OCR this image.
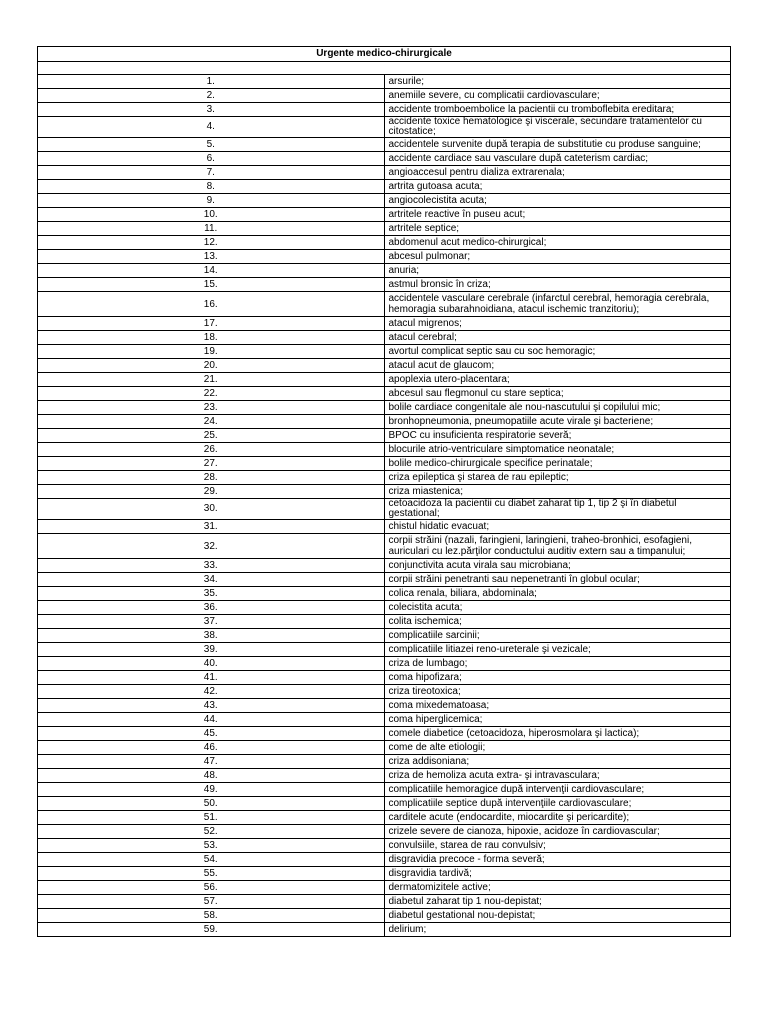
Urgente medico-chirurgicale	

1.	arsurile;
2.	anemiile severe, cu complicatii cardiovasculare;
3.	accidente tromboembolice la pacientii cu tromboflebita ereditara;
4.	accidente toxice hematologice şi viscerale, secundare tratamentelor cu citostatice;
5.	accidentele survenite după terapia de substitutie cu produse sanguine;
6.	accidente cardiace sau vasculare după cateterism cardiac;
7.	angioaccesul pentru dializa extrarenala;
8.	artrita gutoasa acuta;
9.	angiocolecistita acuta;
10.	artritele reactive în puseu acut;
11.	artritele septice;
12.	abdomenul acut medico-chirurgical;
13.	abcesul pulmonar;
14.	anuria;
15.	astmul bronsic în criza;
16.	accidentele vasculare cerebrale (infarctul cerebral, hemoragia cerebrala, hemoragia subarahnoidiana, atacul ischemic tranzitoriu);
17.	atacul migrenos;
18.	atacul cerebral;
19.	avortul complicat septic sau cu soc hemoragic;
20.	atacul acut de glaucom;
21.	apoplexia utero-placentara;
22.	abcesul sau flegmonul cu stare septica;
23.	bolile cardiace congenitale ale nou-nascutului şi copilului mic;
24.	bronhopneumonia, pneumopatiile acute virale şi bacteriene;
25.	BPOC cu insuficienta respiratorie severă;
26.	blocurile atrio-ventriculare simptomatice neonatale;
27.	bolile medico-chirurgicale specifice perinatale;
28.	criza epileptica şi starea de rau epileptic;
29.	criza miastenica;
30.	cetoacidoza la pacientii cu diabet zaharat tip 1, tip 2 şi în diabetul gestational;
31.	chistul hidatic evacuat;
32.	corpii străini (nazali, faringieni, laringieni, traheo-bronhici, esofagieni, auriculari cu lez.părţilor conductului auditiv extern sau a timpanului;
33.	conjunctivita acuta virala sau microbiana;
34.	corpii străini penetranti sau nepenetranti în globul ocular;
35.	colica renala, biliara, abdominala;
36.	colecistita acuta;
37.	colita ischemica;
38.	complicatiile sarcinii;
39.	complicatiile litiazei reno-ureterale şi vezicale;
40.	criza de lumbago;
41.	coma hipofizara;
42.	criza tireotoxica;
43.	coma mixedematoasa;
44.	coma hiperglicemica;
45.	comele diabetice (cetoacidoza, hiperosmolara şi lactica);
46.	come de alte etiologii;
47.	criza addisoniana;
48.	criza de hemoliza acuta extra- şi intravasculara;
49.	complicatiile hemoragice după intervenţii cardiovasculare;
50.	complicatiile septice după intervenţiile cardiovasculare;
51.	carditele acute (endocardite, miocardite şi pericardite);
52.	crizele severe de cianoza, hipoxie, acidoze în cardiovascular;
53.	convulsiile, starea de rau convulsiv;
54.	disgravidia precoce - forma severă;
55.	disgravidia tardivă;
56.	dermatomizitele active;
57.	diabetul zaharat tip 1 nou-depistat;
58.	diabetul gestational nou-depistat;
59.	delirium;
